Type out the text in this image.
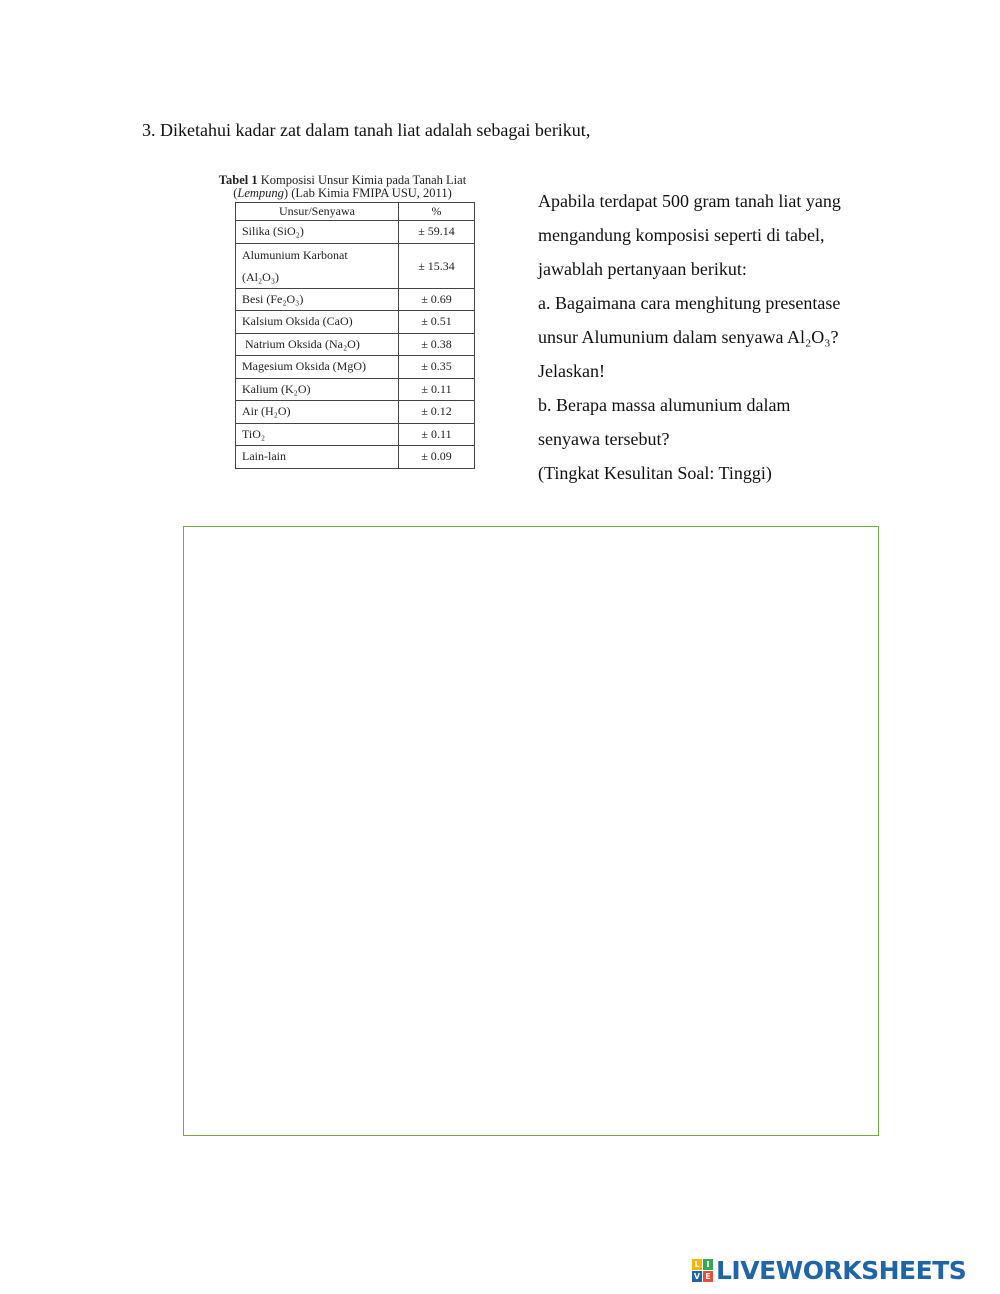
3. Diketahui kadar zat dalam tanah liat adalah sebagai berikut,
Tabel 1 Komposisi Unsur Kimia pada Tanah Liat
(Lempung) (Lab Kimia FMIPA USU, 2011)
Unsur/Senyawa	%
Silika (SiO₂)	± 59.14
Alumunium Karbonat
(Al₂O₃)	± 15.34
Besi (Fe₂O₃)	± 0.69
Kalsium Oksida (CaO)	± 0.51
Natrium Oksida (Na₂O)	± 0.38
Magesium Oksida (MgO)	± 0.35
Kalium (K₂O)	± 0.11
Air (H₂O)	± 0.12
TiO₂	± 0.11
Lain-lain	± 0.09

Apabila terdapat 500 gram tanah liat yang

mengandung komposisi seperti di tabel,

jawablah pertanyaan berikut:

a. Bagaimana cara menghitung presentase

unsur Alumunium dalam senyawa Al₂O₃?

Jelaskan!

b. Berapa massa alumunium dalam

senyawa tersebut?

(Tingkat Kesulitan Soal: Tinggi)

L I
V E LIVEWORKSHEETS
